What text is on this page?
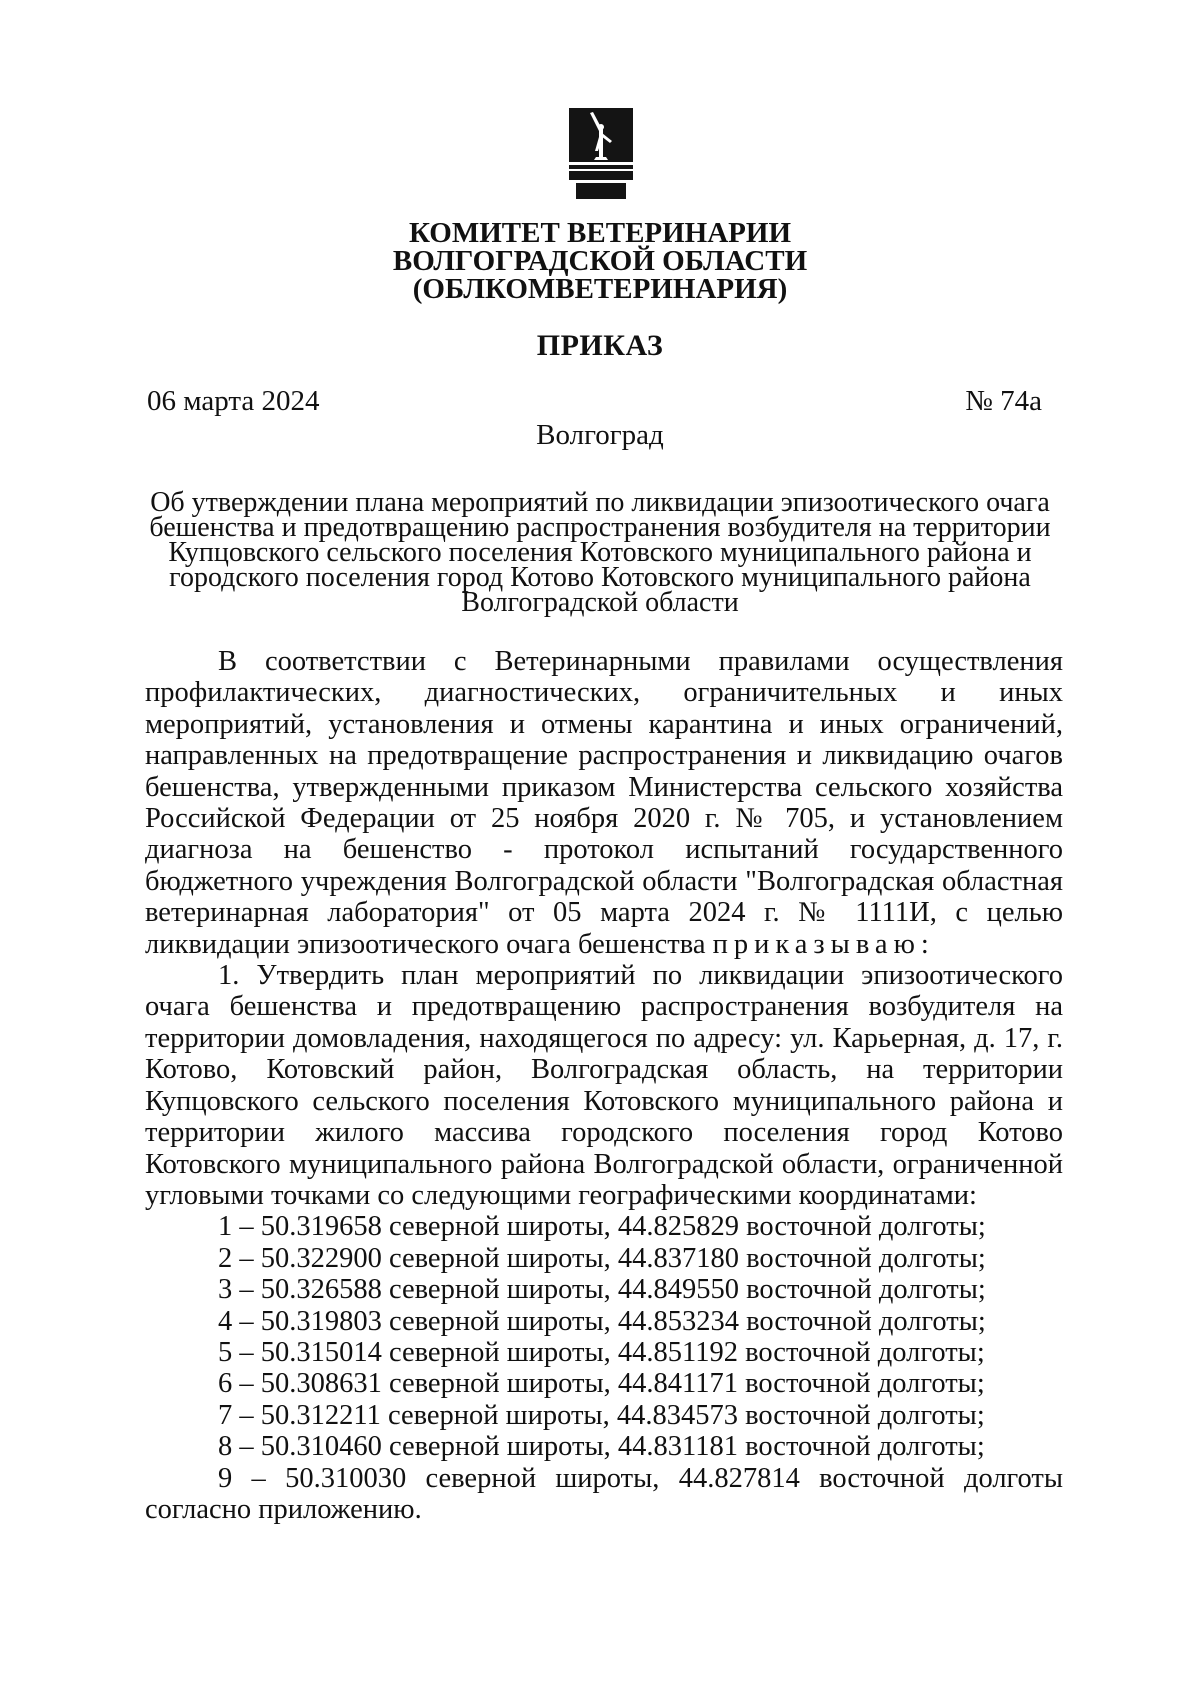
КОМИТЕТ ВЕТЕРИНАРИИ
ВОЛГОГРАДСКОЙ ОБЛАСТИ
(ОБЛКОМВЕТЕРИНАРИЯ)
ПРИКАЗ
06 марта 2024	№ 74а
Волгоград
Об утверждении плана мероприятий по ликвидации эпизоотического очага
бешенства и предотвращению распространения возбудителя на территории
Купцовского сельского поселения Котовского муниципального района и
городского поселения город Котово Котовского муниципального района
Волгоградской области

В соответствии с Ветеринарными правилами осуществления профилактических, диагностических, ограничительных и иных мероприятий, установления и отмены карантина и иных ограничений, направленных на предотвращение распространения и ликвидацию очагов бешенства, утвержденными приказом Министерства сельского хозяйства Российской Федерации от 25 ноября 2020 г. № 705, и установлением диагноза на бешенство - протокол испытаний государственного бюджетного учреждения Волгоградской области "Волгоградская областная ветеринарная лаборатория" от 05 марта 2024 г. № 1111И, с целью ликвидации эпизоотического очага бешенства приказываю:

1. Утвердить план мероприятий по ликвидации эпизоотического очага бешенства и предотвращению распространения возбудителя на территории домовладения, находящегося по адресу: ул. Карьерная, д. 17, г. Котово, Котовский район, Волгоградская область, на территории Купцовского сельского поселения Котовского муниципального района и территории жилого массива городского поселения город Котово Котовского муниципального района Волгоградской области, ограниченной угловыми точками со следующими географическими координатами:

1 – 50.319658 северной широты, 44.825829 восточной долготы;
2 – 50.322900 северной широты, 44.837180 восточной долготы;
3 – 50.326588 северной широты, 44.849550 восточной долготы;
4 – 50.319803 северной широты, 44.853234 восточной долготы;
5 – 50.315014 северной широты, 44.851192 восточной долготы;
6 – 50.308631 северной широты, 44.841171 восточной долготы;
7 – 50.312211 северной широты, 44.834573 восточной долготы;
8 – 50.310460 северной широты, 44.831181 восточной долготы;

9 – 50.310030 северной широты, 44.827814 восточной долготы согласно приложению.
